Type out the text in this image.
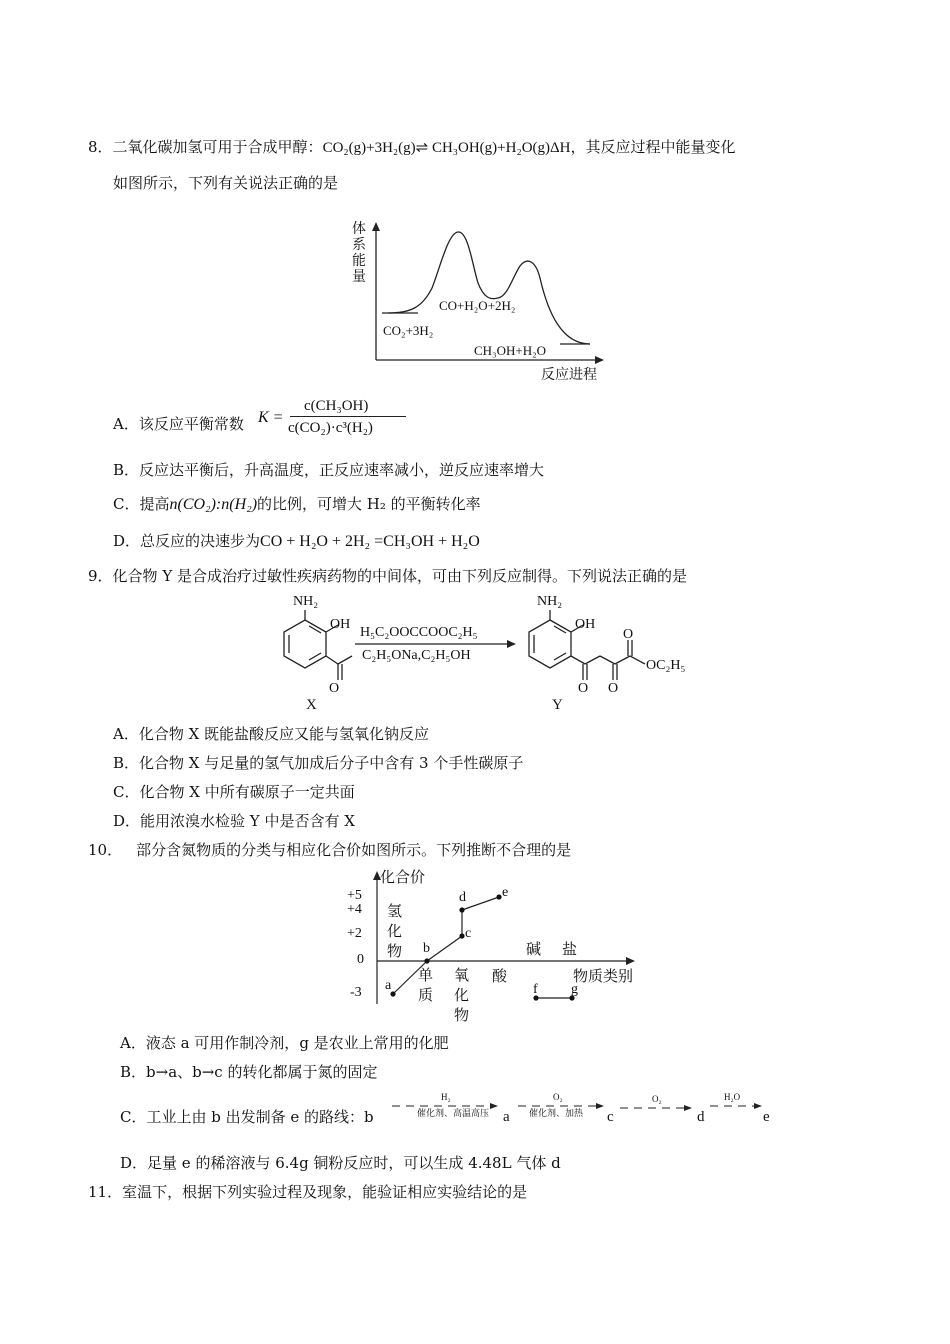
8．二氧化碳加氢可用于合成甲醇：CO₂(g)+3H₂(g)⇌ CH₃OH(g)+H₂O(g)ΔH，其反应过程中能量变化
如图所示，下列有关说法正确的是
体系能量
CO+H₂O+2H₂
CO₂+3H₂
CH₃OH+H₂O
反应进程
A．该反应平衡常数 K =
c(CH₃OH)
c(CO₂)·c³(H₂)
B．反应达平衡后，升高温度，正反应速率减小，逆反应速率增大
C．提高n(CO₂):n(H₂)的比例，可增大 H₂ 的平衡转化率
D．总反应的决速步为CO + H₂O + 2H₂ =CH₃OH + H₂O
9．化合物 Y 是合成治疗过敏性疾病药物的中间体，可由下列反应制得。下列说法正确的是
NH₂
OH
O
X
H₅C₂OOCCOOC₂H₅
C₂H₅ONa,C₂H₅OH
NH₂
OH
O
OC₂H₅
O O
Y
A．化合物 X 既能盐酸反应又能与氢氧化钠反应
B．化合物 X 与足量的氢气加成后分子中含有 3 个手性碳原子
C．化合物 X 中所有碳原子一定共面
D．能用浓溴水检验 Y 中是否含有 X
10． 部分含氮物质的分类与相应化合价如图所示。下列推断不合理的是
化合价
+5
+4
+2
0
-3
氢化物
单质
氧化物
酸
碱 盐
物质类别
a
b
c
d	e
f g
A．液态 a 可用作制冷剂，g 是农业上常用的化肥
B．b→a、b→c 的转化都属于氮的固定
C．工业上由 b 出发制备 e 的路线：b
H₂
催化剂、高温高压 a
O₂
催化剂、加热 c
O₂
d
H₂O
e
D．足量 e 的稀溶液与 6.4g 铜粉反应时，可以生成 4.48L 气体 d
11．室温下，根据下列实验过程及现象，能验证相应实验结论的是
